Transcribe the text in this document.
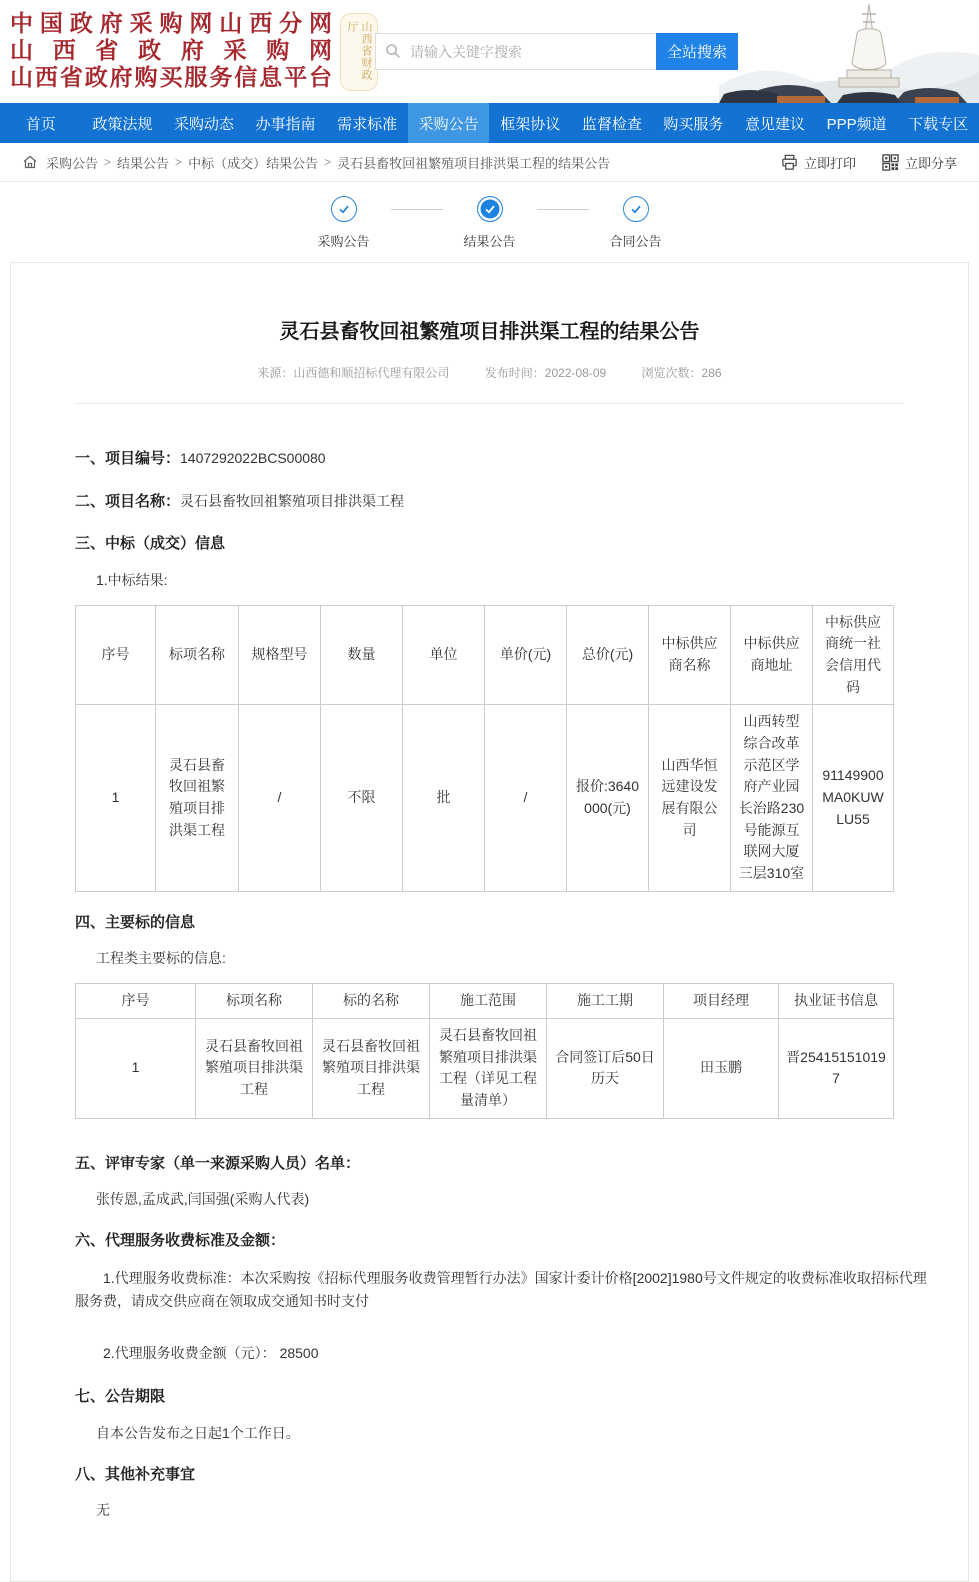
中国政府采购网山西分网
山西省政府采购网
山西省政府购买服务信息平台	山西省财政厅
请输入关键字搜索
全站搜索
首页	政策法规	采购动态	办事指南	需求标准	采购公告	框架协议	监督检查	购买服务	意见建议	PPP频道	下载专区
采购公告 > 结果公告 > 中标（成交）结果公告 > 灵石县畜牧回祖繁殖项目排洪渠工程的结果公告	立即打印	立即分享
采购公告	结果公告	合同公告
灵石县畜牧回祖繁殖项目排洪渠工程的结果公告
来源：山西德和顺招标代理有限公司	发布时间：2022-08-09	浏览次数：286
一、项目编号：1407292022BCS00080
二、项目名称：灵石县畜牧回祖繁殖项目排洪渠工程
三、中标（成交）信息
1.中标结果:
序号	标项名称	规格型号	数量	单位	单价(元)	总价(元)	中标供应商名称	中标供应商地址	中标供应商统一社会信用代码
1	灵石县畜牧回祖繁殖项目排洪渠工程	/	不限	批	/	报价:3640000(元)	山西华恒远建设发展有限公司	山西转型综合改革示范区学府产业园长治路230号能源互联网大厦三层310室	91149900MA0KUWLU55
四、主要标的信息
工程类主要标的信息:
序号	标项名称	标的名称	施工范围	施工工期	项目经理	执业证书信息
1	灵石县畜牧回祖繁殖项目排洪渠工程	灵石县畜牧回祖繁殖项目排洪渠工程	灵石县畜牧回祖繁殖项目排洪渠工程（详见工程量清单）	合同签订后50日历天	田玉鹏	晋254151510197
五、评审专家（单一来源采购人员）名单：
张传恩,孟成武,闫国强(采购人代表)
六、代理服务收费标准及金额：
1.代理服务收费标准：本次采购按《招标代理服务收费管理暂行办法》国家计委计价格[2002]1980号文件规定的收费标准收取招标代理服务费，请成交供应商在领取成交通知书时支付
2.代理服务收费金额（元）： 28500
七、公告期限
自本公告发布之日起1个工作日。
八、其他补充事宜
无
